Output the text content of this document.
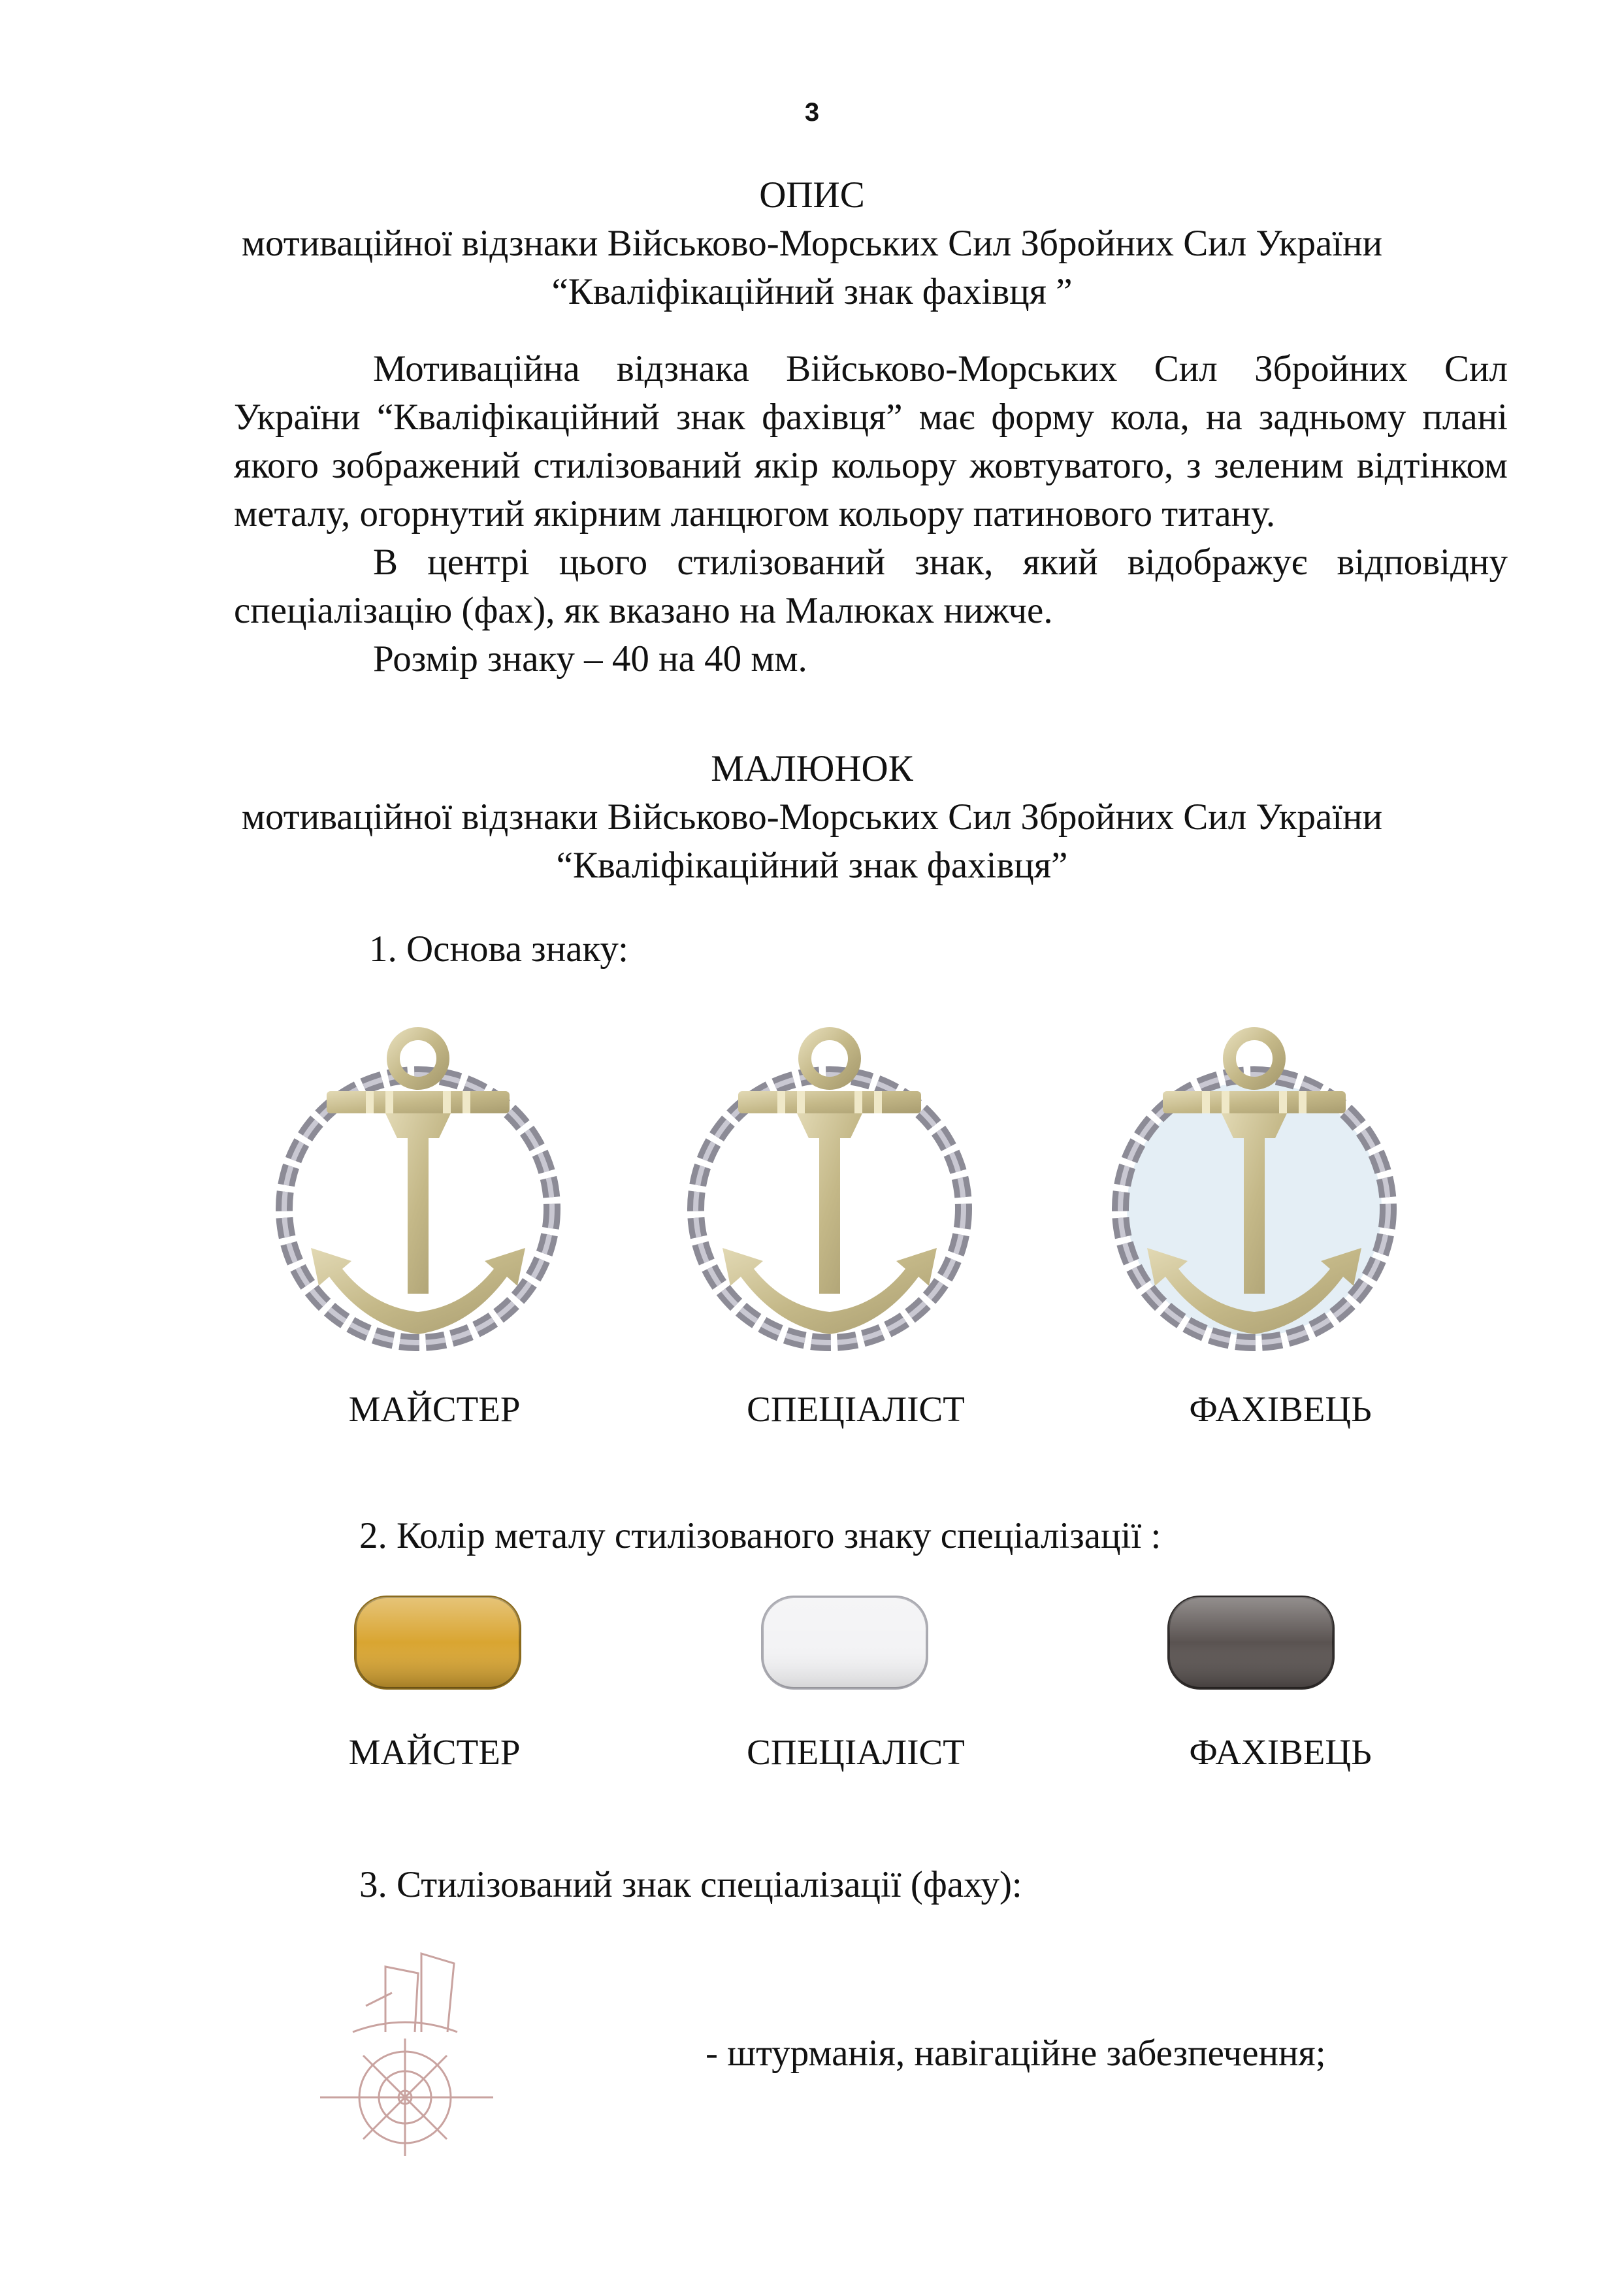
3
ОПИС
мотиваційної відзнаки Військово-Морських Сил Збройних Сил України
“Кваліфікаційний знак фахівця ”
Мотиваційна відзнака Військово-Морських Сил Збройних Сил
України “Кваліфікаційний знак фахівця” має форму кола, на задньому плані
якого зображений стилізований якір кольору жовтуватого, з зеленим відтінком
металу, огорнутий якірним ланцюгом кольору патинового титану.
В центрі цього стилізований знак, який відображує відповідну
спеціалізацію (фах), як вказано на Малюках нижче.
Розмір знаку – 40 на 40 мм.
МАЛЮНОК
мотиваційної відзнаки Військово-Морських Сил Збройних Сил України
“Кваліфікаційний знак фахівця”
1. Основа знаку:
МАЙСТЕР	СПЕЦІАЛІСТ	ФАХІВЕЦЬ
2. Колір металу стилізованого знаку спеціалізації :
МАЙСТЕР	СПЕЦІАЛІСТ	ФАХІВЕЦЬ
3. Стилізований знак спеціалізації (фаху):
- штурманія, навігаційне забезпечення;
